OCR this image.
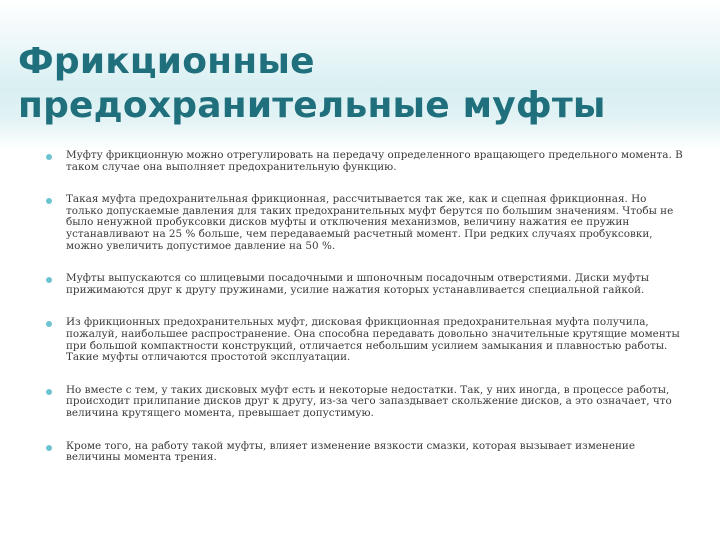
Фрикционные предохранительные муфты
Муфту фрикционную можно отрегулировать на передачу определенного вращающего предельного момента. В таком случае она выполняет предохранительную функцию.
Такая муфта предохранительная фрикционная, рассчитывается так же, как и сцепная фрикционная. Но только допускаемые давления для таких предохранительных муфт берутся по большим значениям. Чтобы не было ненужной пробуксовки дисков муфты и отключения механизмов, величину нажатия ее пружин устанавливают на 25 % больше, чем передаваемый расчетный момент. При редких случаях пробуксовки, можно увеличить допустимое давление на 50 %.
Муфты выпускаются со шлицевыми посадочными и шпоночным посадочным отверстиями. Диски муфты прижимаются друг к другу пружинами, усилие нажатия которых устанавливается специальной гайкой.
Из фрикционных предохранительных муфт, дисковая фрикционная предохранительная муфта получила, пожалуй, наибольшее распространение. Она способна передавать довольно значительные крутящие моменты при большой компактности конструкций, отличается небольшим усилием замыкания и плавностью работы. Такие муфты отличаются простотой эксплуатации.
Но вместе с тем, у таких дисковых муфт есть и некоторые недостатки. Так, у них иногда, в процессе работы, происходит прилипание дисков друг к другу, из-за чего запаздывает скольжение дисков, а это означает, что величина крутящего момента, превышает допустимую.
Кроме того, на работу такой муфты, влияет изменение вязкости смазки, которая вызывает изменение величины момента трения.
